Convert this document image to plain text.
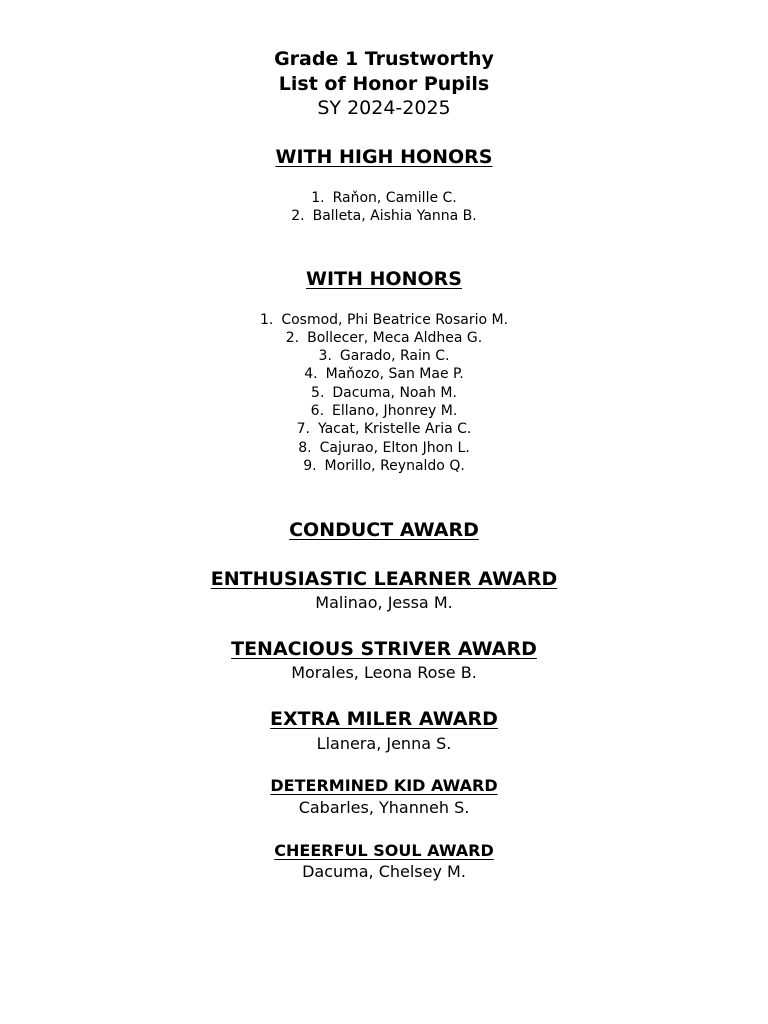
Grade 1 Trustworthy

List of Honor Pupils

SY 2024-2025

WITH HIGH HONORS

1. Raňon, Camille C.

2. Balleta, Aishia Yanna B.

WITH HONORS

1. Cosmod, Phi Beatrice Rosario M.

2. Bollecer, Meca Aldhea G.

3. Garado, Rain C.

4. Maňozo, San Mae P.

5. Dacuma, Noah M.

6. Ellano, Jhonrey M.

7. Yacat, Kristelle Aria C.

8. Cajurao, Elton Jhon L.

9. Morillo, Reynaldo Q.

CONDUCT AWARD

ENTHUSIASTIC LEARNER AWARD

Malinao, Jessa M.

TENACIOUS STRIVER AWARD

Morales, Leona Rose B.

EXTRA MILER AWARD

Llanera, Jenna S.

DETERMINED KID AWARD

Cabarles, Yhanneh S.

CHEERFUL SOUL AWARD

Dacuma, Chelsey M.
